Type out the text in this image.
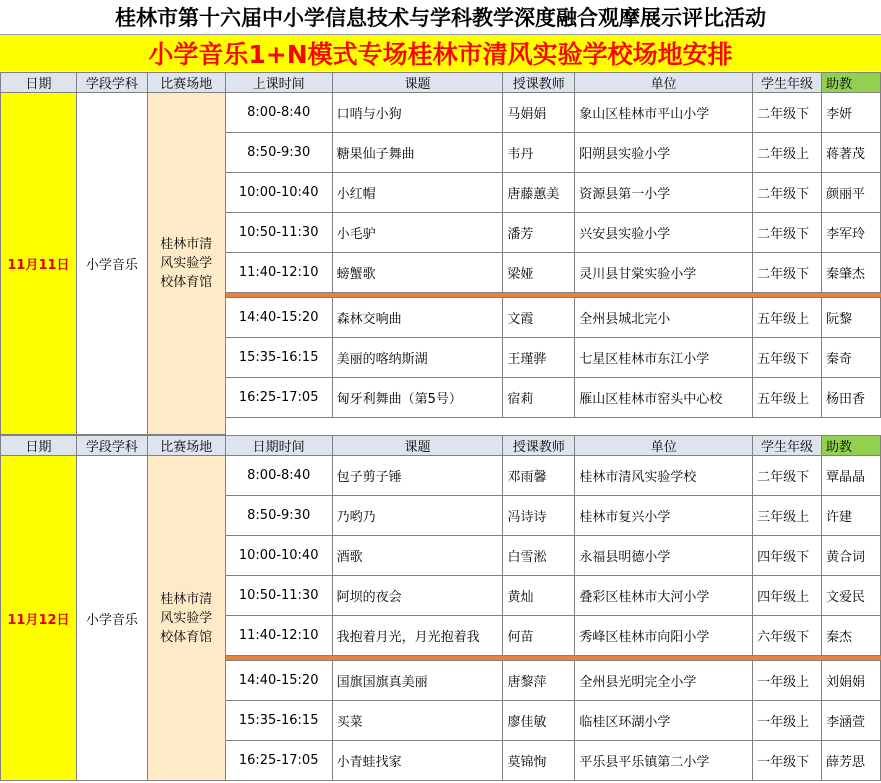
桂林市第十六届中小学信息技术与学科教学深度融合观摩展示评比活动
小学音乐1+N模式专场桂林市清风实验学校场地安排
日期	学段学科	比赛场地	上课时间	课题	授课教师	单位	学生年级	助教
11月11日	小学音乐	桂林市清风实验学校体育馆	8:00-8:40	口哨与小狗	马娟娟	象山区桂林市平山小学	二年级下	李妍
			8:50-9:30	糖果仙子舞曲	韦丹	阳朔县实验小学	二年级上	蒋著茂
			10:00-10:40	小红帽	唐藤蕙美	资源县第一小学	二年级下	颜丽平
			10:50-11:30	小毛驴	潘芳	兴安县实验小学	二年级下	李军玲
			11:40-12:10	螃蟹歌	梁娅	灵川县甘棠实验小学	二年级下	秦肇杰

			14:40-15:20	森林交响曲	文霞	全州县城北完小	五年级上	阮黎
			15:35-16:15	美丽的喀纳斯湖	王瑾骅	七星区桂林市东江小学	五年级下	秦奇
			16:25-17:05	匈牙利舞曲（第5号）	宿莉	雁山区桂林市窑头中心校	五年级上	杨田香

日期	学段学科	比赛场地	日期时间	课题	授课教师	单位	学生年级	助教
11月12日	小学音乐	桂林市清风实验学校体育馆	8:00-8:40	包子剪子锤	邓雨馨	桂林市清风实验学校	二年级下	覃晶晶
			8:50-9:30	乃哟乃	冯诗诗	桂林市复兴小学	三年级上	许建
			10:00-10:40	酒歌	白雪淞	永福县明德小学	四年级下	黄合词
			10:50-11:30	阿坝的夜会	黄灿	叠彩区桂林市大河小学	四年级上	文爱民
			11:40-12:10	我抱着月光，月光抱着我	何苗	秀峰区桂林市向阳小学	六年级下	秦杰

			14:40-15:20	国旗国旗真美丽	唐黎萍	全州县光明完全小学	一年级上	刘娟娟
			15:35-16:15	买菜	廖佳敏	临桂区环湖小学	一年级上	李涵萱
			16:25-17:05	小青蛙找家	莫锦恂	平乐县平乐镇第二小学	一年级下	薛芳思
